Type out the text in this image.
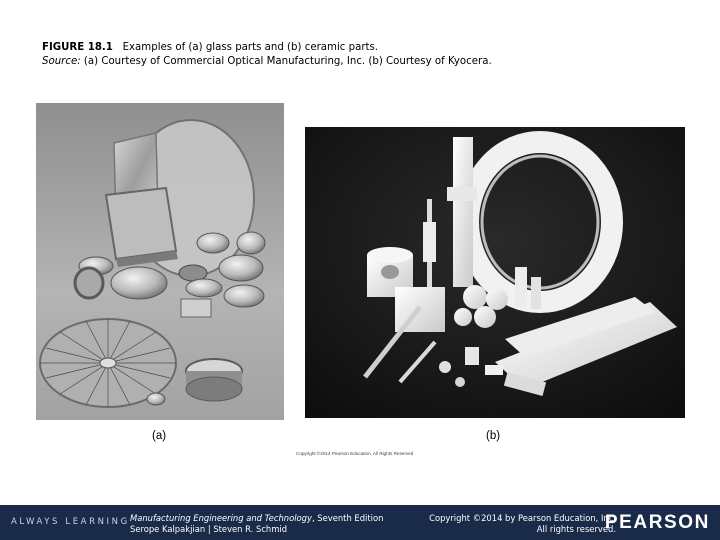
FIGURE 18.1 Examples of (a) glass parts and (b) ceramic parts.
Source: (a) Courtesy of Commercial Optical Manufacturing, Inc. (b) Courtesy of Kyocera.
(a)	(b)
Copyright ©2014 Pearson Education, All Rights Reserved
ALWAYS LEARNING Manufacturing Engineering and Technology, Seventh Edition
Serope Kalpakjian | Steven R. Schmid
Copyright ©2014 by Pearson Education, Inc.
All rights reserved.
PEARSON
